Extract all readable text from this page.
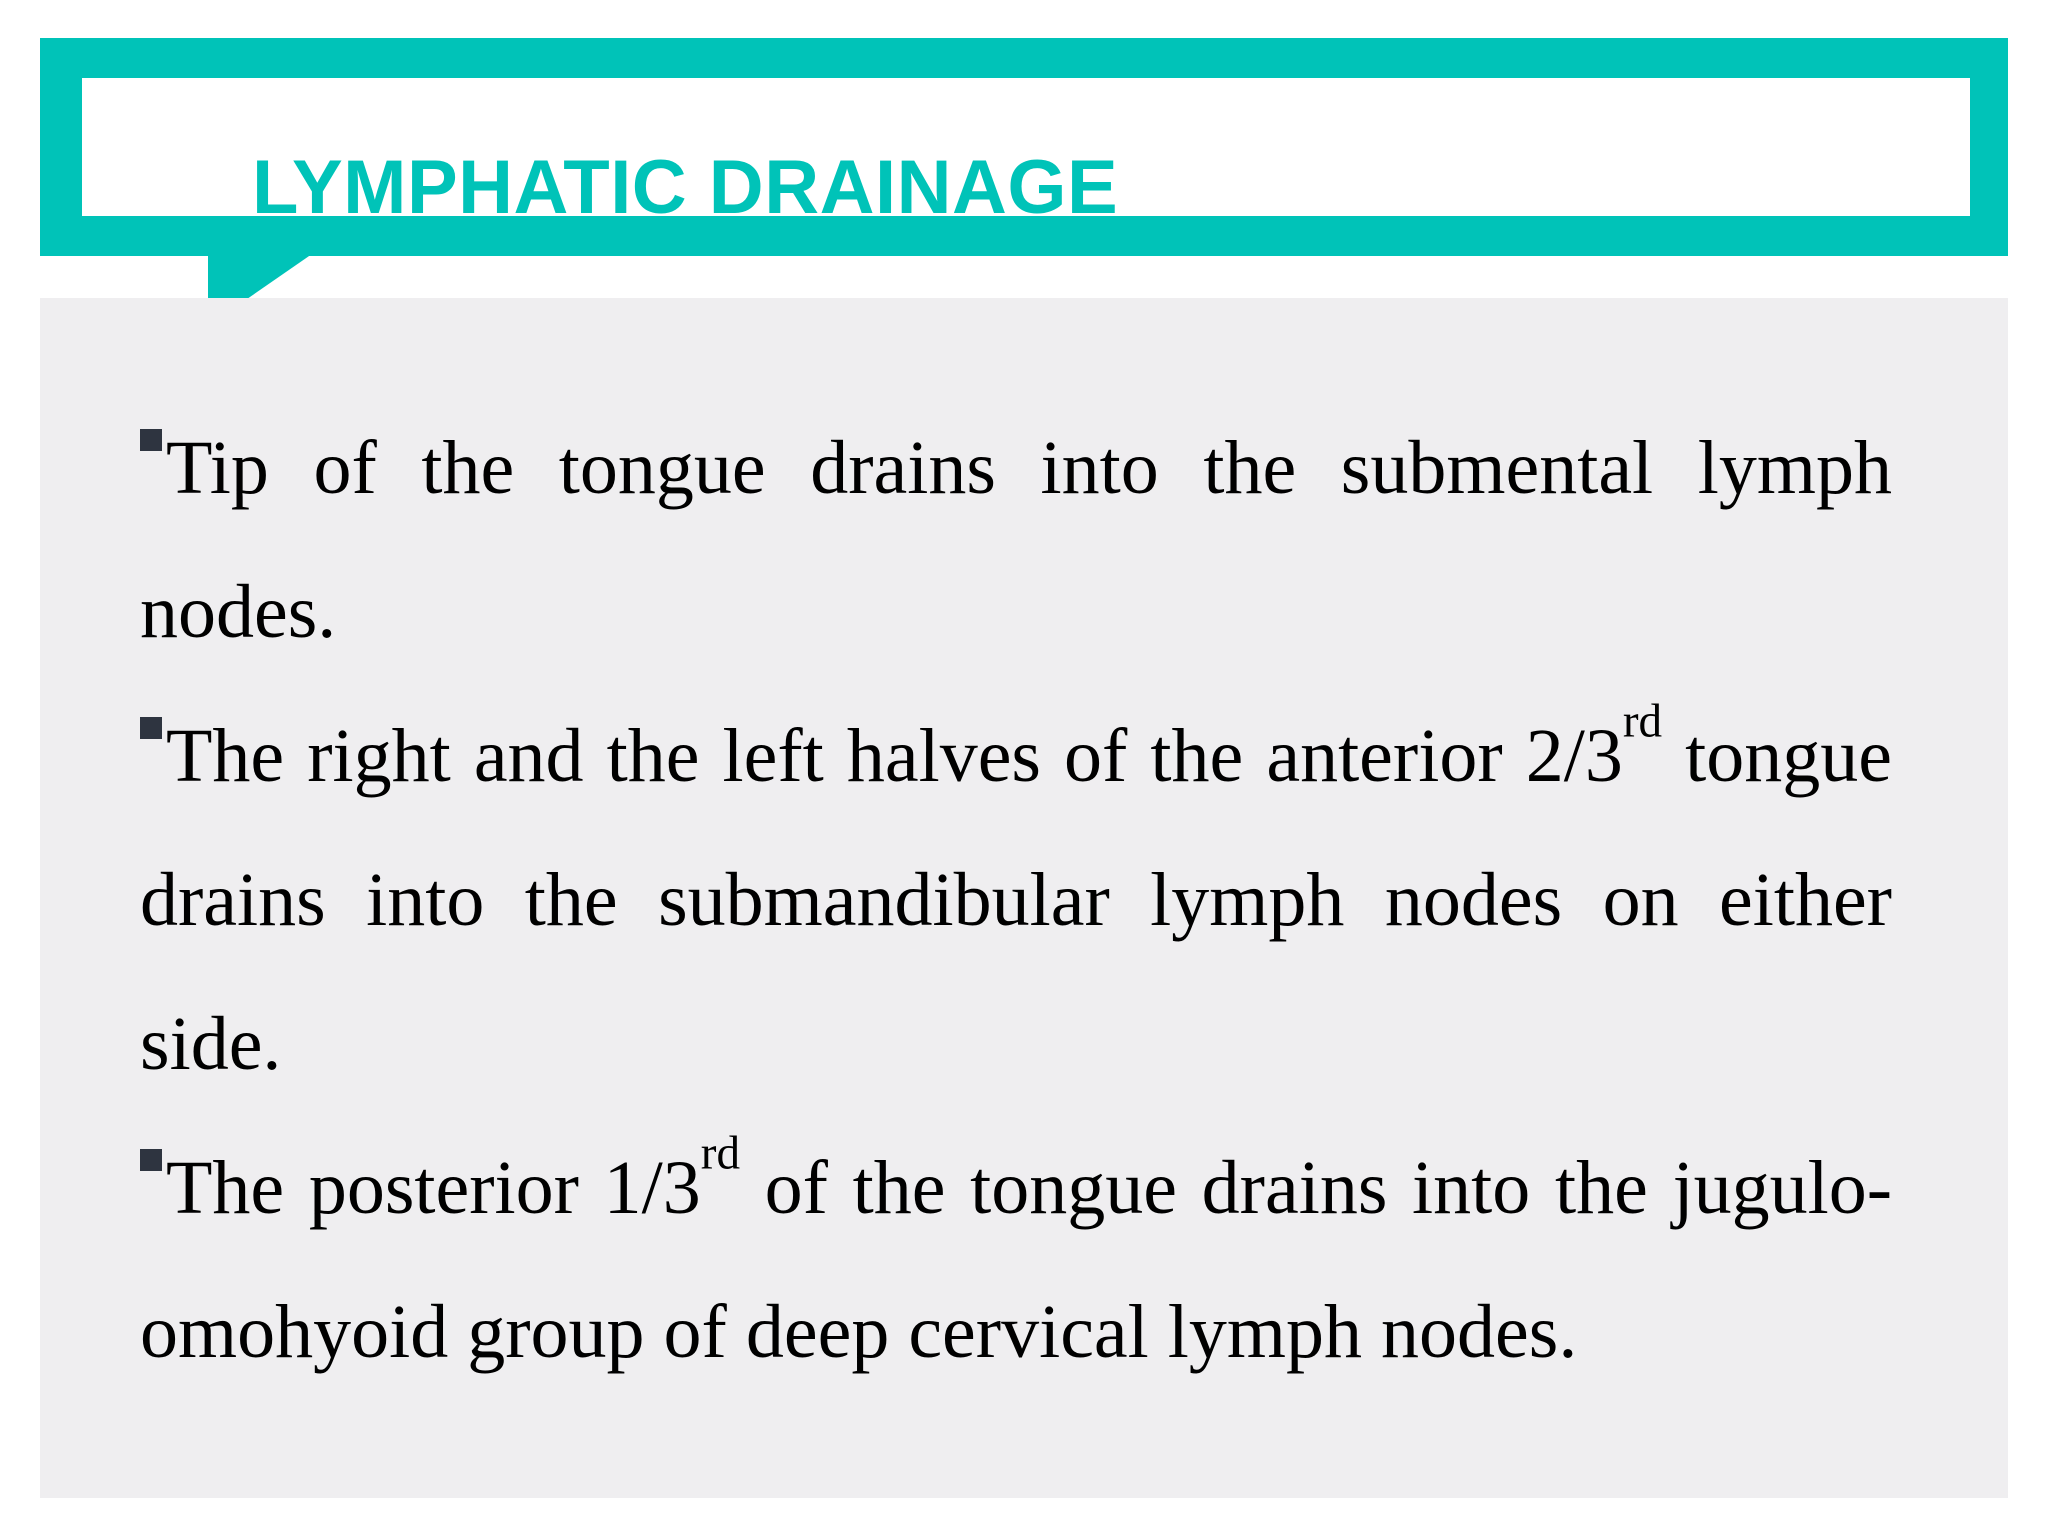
LYMPHATIC DRAINAGE
Tip of the tongue drains into the submental lymph nodes.
The right and the left halves of the anterior 2/3rd tongue drains into the submandibular lymph nodes on either side.
The posterior 1/3rd of the tongue drains into the jugulo-omohyoid group of deep cervical lymph nodes.
